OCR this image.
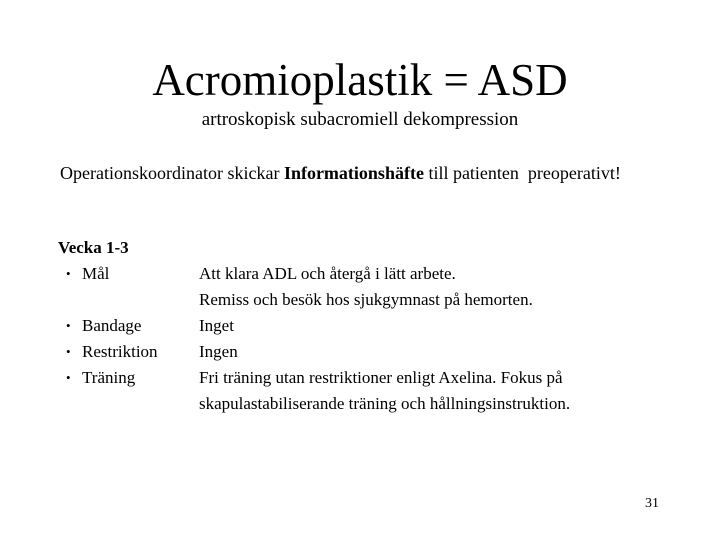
Acromioplastik = ASD
artroskopisk subacromiell dekompression
Operationskoordinator skickar Informationshäfte till patienten  preoperativt!
Vecka 1-3
• Mål	Att klara ADL och återgå i lätt arbete.
Remiss och besök hos sjukgymnast på hemorten.
• Bandage	Inget
• Restriktion	Ingen
• Träning	Fri träning utan restriktioner enligt Axelina. Fokus på
skapulastabiliserande träning och hållningsinstruktion.
31
